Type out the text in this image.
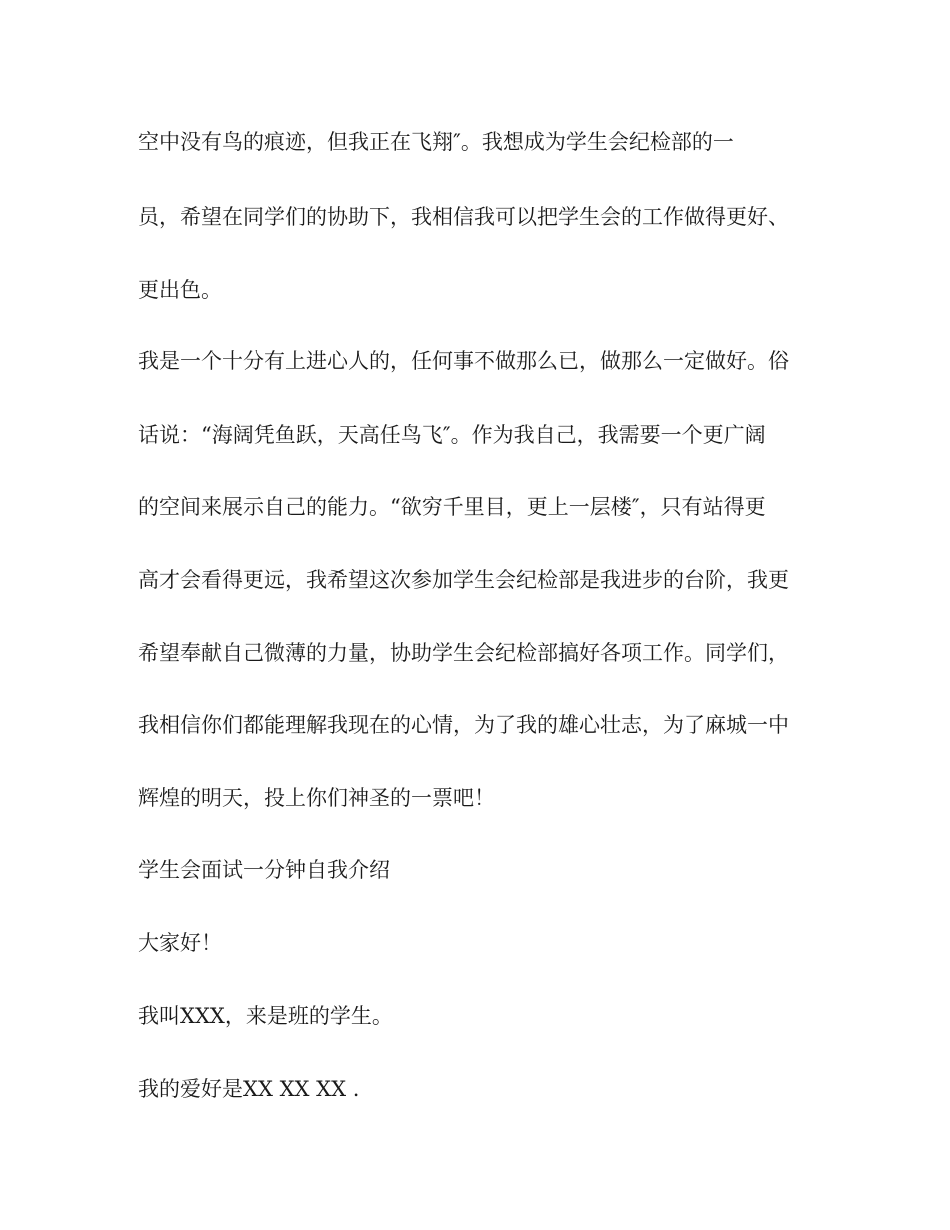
空中没有鸟的痕迹，但我正在飞翔″。我想成为学生会纪检部的一

员，希望在同学们的协助下，我相信我可以把学生会的工作做得更好、

更出色。

我是一个十分有上进心人的，任何事不做那么已，做那么一定做好。俗

话说：“海阔凭鱼跃，天高任鸟飞″。作为我自己，我需要一个更广阔

的空间来展示自己的能力。“欲穷千里目，更上一层楼″，只有站得更

高才会看得更远，我希望这次参加学生会纪检部是我进步的台阶，我更

希望奉献自己微薄的力量，协助学生会纪检部搞好各项工作。同学们，

我相信你们都能理解我现在的心情，为了我的雄心壮志，为了麻城一中

辉煌的明天，投上你们神圣的一票吧！

学生会面试一分钟自我介绍

大家好！

我叫XXX，来是班的学生。

我的爱好是XX XX XX .
